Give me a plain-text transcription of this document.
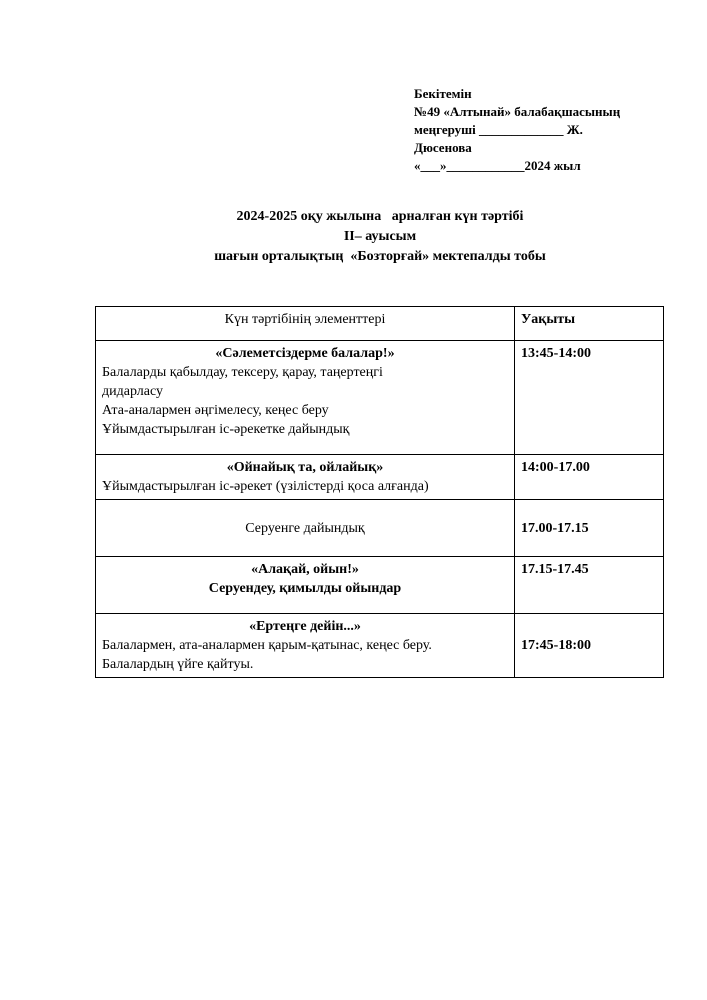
Бекітемін
№49 «Алтынай» балабақшасының
меңгеруші _____________ Ж.
Дюсенова
«___»____________2024 жыл
2024-2025 оқу жылына   арналған күн тәртібі
II– ауысым
шағын орталықтың  «Бозторғай» мектепалды тобы
Күн тәртібінің элементтері	Уақыты

«Сәлеметсіздерме балалар!»
Балаларды қабылдау, тексеру, қарау, таңертеңгі
дидарласу
Ата-аналармен әңгімелесу, кеңес беру
Ұйымдастырылған іс-әрекетке дайындық	13:45-14:00

«Ойнайық та, ойлайық»
Ұйымдастырылған іс-әрекет (үзілістерді қоса алғанда)	14:00-17.00

Серуенге дайындық	17.00-17.15

«Алақай, ойын!»
Серуендеу, қимылды ойындар	17.15-17.45

«Ертеңге дейін...»
Балалармен, ата-аналармен қарым-қатынас, кеңес беру.
Балалардың үйге қайтуы.	17:45-18:00
